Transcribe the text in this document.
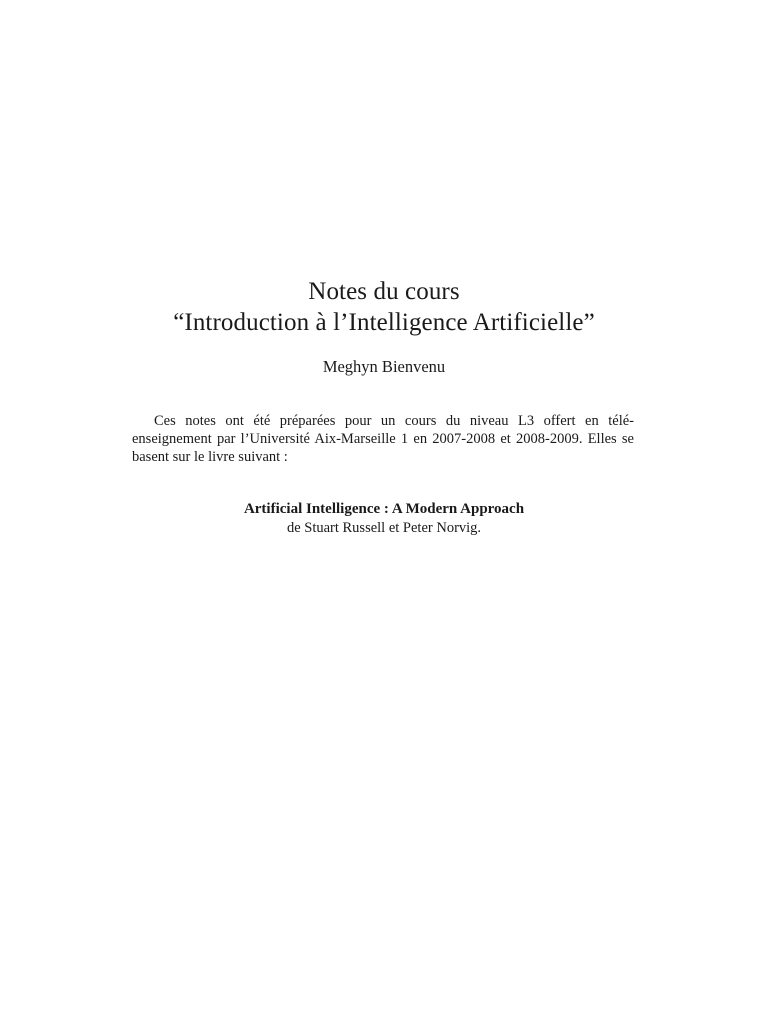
Notes du cours
“Introduction à l’Intelligence Artificielle”
Meghyn Bienvenu

Ces notes ont été préparées pour un cours du niveau L3 offert en télé-enseignement par l’Université Aix-Marseille 1 en 2007-2008 et 2008-2009. Elles se basent sur le livre suivant :

Artificial Intelligence : A Modern Approach
de Stuart Russell et Peter Norvig.
